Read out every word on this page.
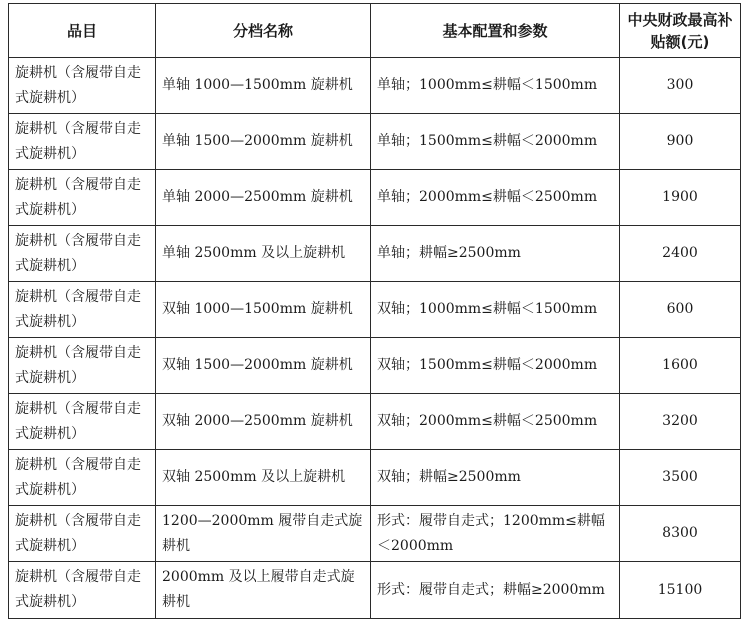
品目	分档名称	基本配置和参数	中央财政最高补贴额(元)
旋耕机（含履带自走式旋耕机）	单轴 1000—1500mm 旋耕机	单轴；1000mm≤耕幅＜1500mm	300
旋耕机（含履带自走式旋耕机）	单轴 1500—2000mm 旋耕机	单轴；1500mm≤耕幅＜2000mm	900
旋耕机（含履带自走式旋耕机）	单轴 2000—2500mm 旋耕机	单轴；2000mm≤耕幅＜2500mm	1900
旋耕机（含履带自走式旋耕机）	单轴 2500mm 及以上旋耕机	单轴；耕幅≥2500mm	2400
旋耕机（含履带自走式旋耕机）	双轴 1000—1500mm 旋耕机	双轴；1000mm≤耕幅＜1500mm	600
旋耕机（含履带自走式旋耕机）	双轴 1500—2000mm 旋耕机	双轴；1500mm≤耕幅＜2000mm	1600
旋耕机（含履带自走式旋耕机）	双轴 2000—2500mm 旋耕机	双轴；2000mm≤耕幅＜2500mm	3200
旋耕机（含履带自走式旋耕机）	双轴 2500mm 及以上旋耕机	双轴；耕幅≥2500mm	3500
旋耕机（含履带自走式旋耕机）	1200—2000mm 履带自走式旋耕机	形式：履带自走式；1200mm≤耕幅＜2000mm	8300
旋耕机（含履带自走式旋耕机）	2000mm 及以上履带自走式旋耕机	形式：履带自走式；耕幅≥2000mm	15100
